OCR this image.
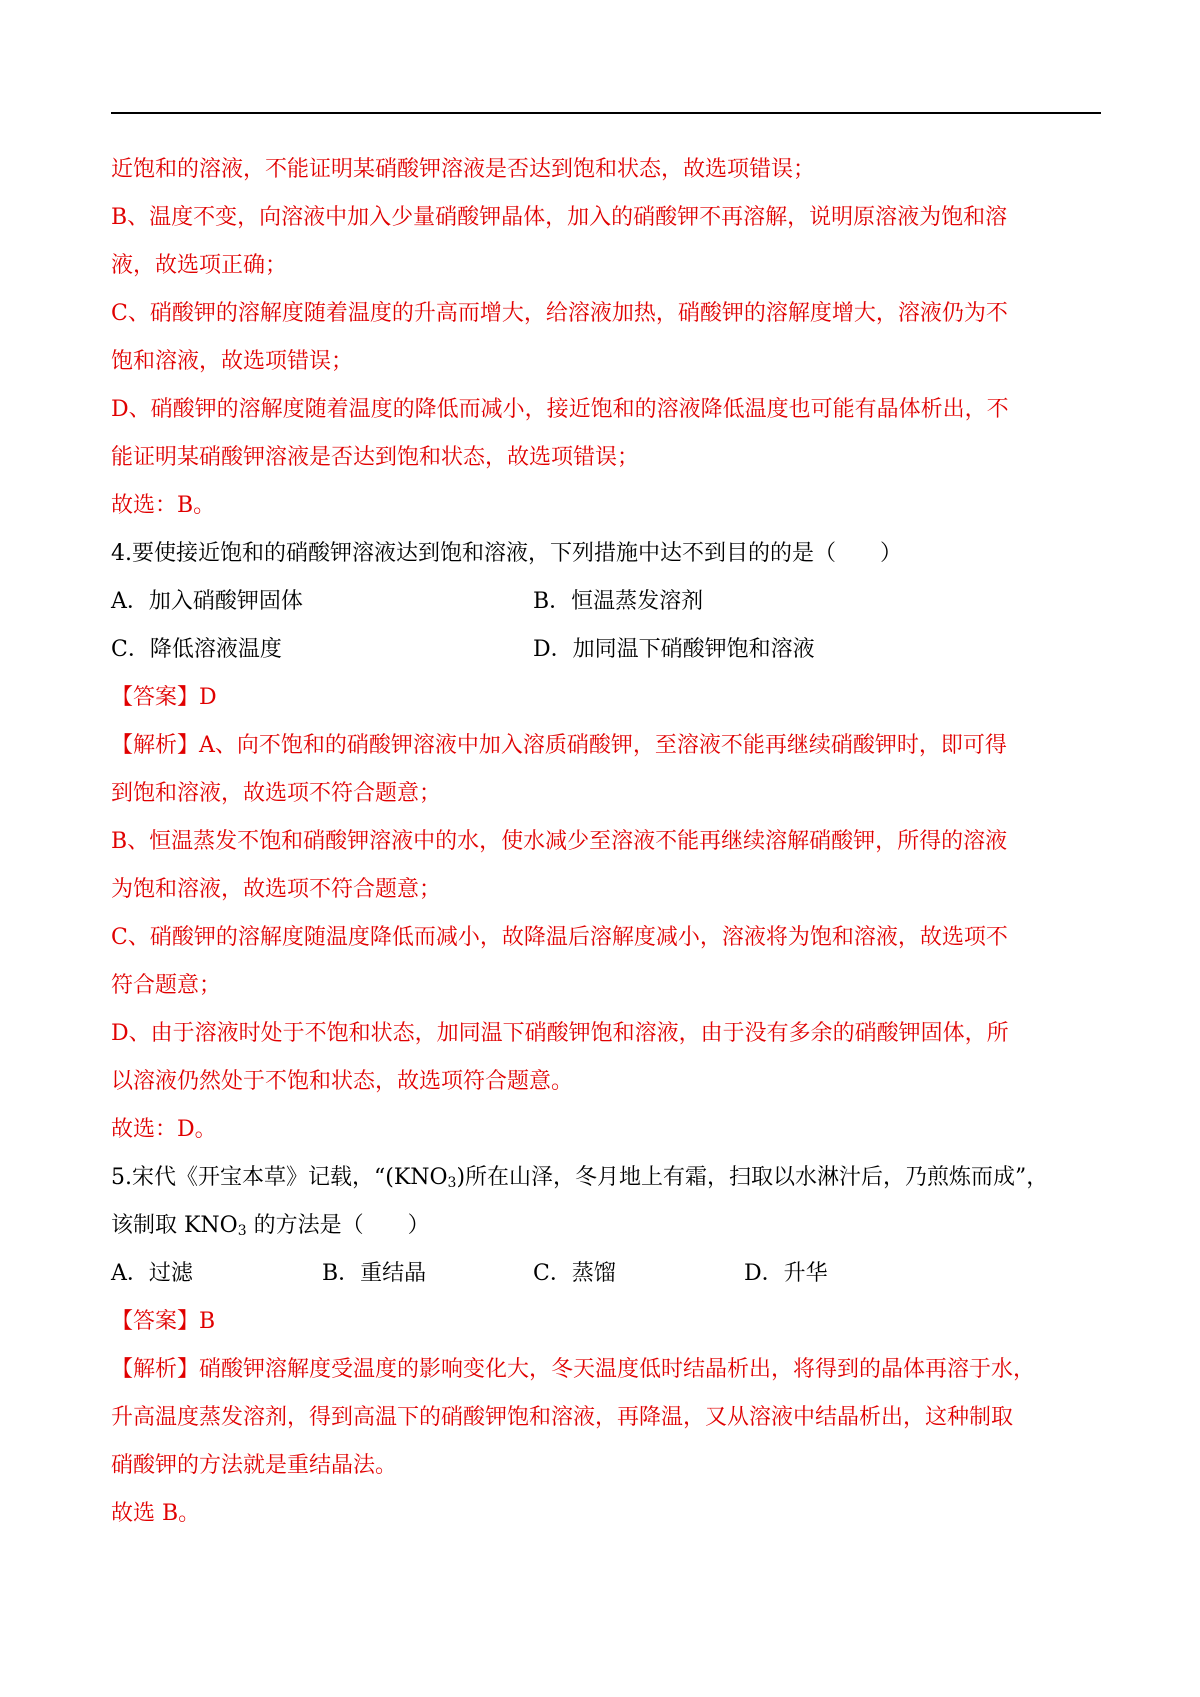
近饱和的溶液，不能证明某硝酸钾溶液是否达到饱和状态，故选项错误；
B、温度不变，向溶液中加入少量硝酸钾晶体，加入的硝酸钾不再溶解，说明原溶液为饱和溶
液，故选项正确；
C、硝酸钾的溶解度随着温度的升高而增大，给溶液加热，硝酸钾的溶解度增大，溶液仍为不
饱和溶液，故选项错误；
D、硝酸钾的溶解度随着温度的降低而减小，接近饱和的溶液降低温度也可能有晶体析出，不
能证明某硝酸钾溶液是否达到饱和状态，故选项错误；
故选：B。
4.要使接近饱和的硝酸钾溶液达到饱和溶液，下列措施中达不到目的的是（　　）
A．加入硝酸钾固体	B．恒温蒸发溶剂
C．降低溶液温度	D．加同温下硝酸钾饱和溶液
【答案】D
【解析】A、向不饱和的硝酸钾溶液中加入溶质硝酸钾，至溶液不能再继续硝酸钾时，即可得
到饱和溶液，故选项不符合题意；
B、恒温蒸发不饱和硝酸钾溶液中的水，使水减少至溶液不能再继续溶解硝酸钾，所得的溶液
为饱和溶液，故选项不符合题意；
C、硝酸钾的溶解度随温度降低而减小，故降温后溶解度减小，溶液将为饱和溶液，故选项不
符合题意；
D、由于溶液时处于不饱和状态，加同温下硝酸钾饱和溶液，由于没有多余的硝酸钾固体，所
以溶液仍然处于不饱和状态，故选项符合题意。
故选：D。
5.宋代《开宝本草》记载，“$(KNO_3)$所在山泽，冬月地上有霜，扫取以水淋汁后，乃煎炼而成”，
该制取 $KNO_3$ 的方法是（　　）
A．过滤	B．重结晶	C．蒸馏	D．升华
【答案】B
【解析】硝酸钾溶解度受温度的影响变化大，冬天温度低时结晶析出，将得到的晶体再溶于水，
升高温度蒸发溶剂，得到高温下的硝酸钾饱和溶液，再降温，又从溶液中结晶析出，这种制取
硝酸钾的方法就是重结晶法。
故选 B。
